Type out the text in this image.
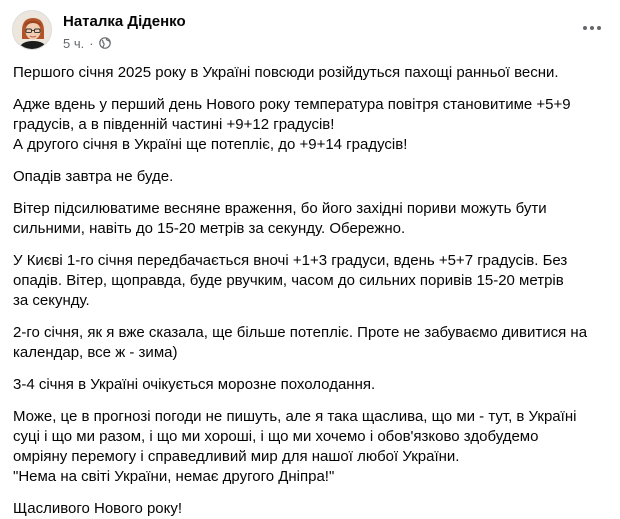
Наталка Діденко
5 ч. ·

Першого січня 2025 року в Україні повсюди розійдуться пахощі ранньої весни.

Адже вдень у перший день Нового року температура повітря становитиме +5+9
градусів, а в південній частині +9+12 градусів!
А другого січня в Україні ще потепліє, до +9+14 градусів!

Опадів завтра не буде.

Вітер підсилюватиме весняне враження, бо його західні пориви можуть бути
сильними, навіть до 15-20 метрів за секунду. Обережно.

У Києві 1-го січня передбачається вночі +1+3 градуси, вдень +5+7 градусів. Без
опадів. Вітер, щоправда, буде рвучким, часом до сильних поривів 15-20 метрів
за секунду.

2-го січня, як я вже сказала, ще більше потепліє. Проте не забуваємо дивитися на
календар, все ж - зима)

3-4 січня в Україні очікується морозне похолодання.

Може, це в прогнозі погоди не пишуть, але я така щаслива, що ми - тут, в Україні
суці і що ми разом, і що ми хороші, і що ми хочемо і обов'язково здобудемо
омріяну перемогу і справедливий мир для нашої любої України.
"Нема на світі України, немає другого Дніпра!"

Щасливого Нового року!
